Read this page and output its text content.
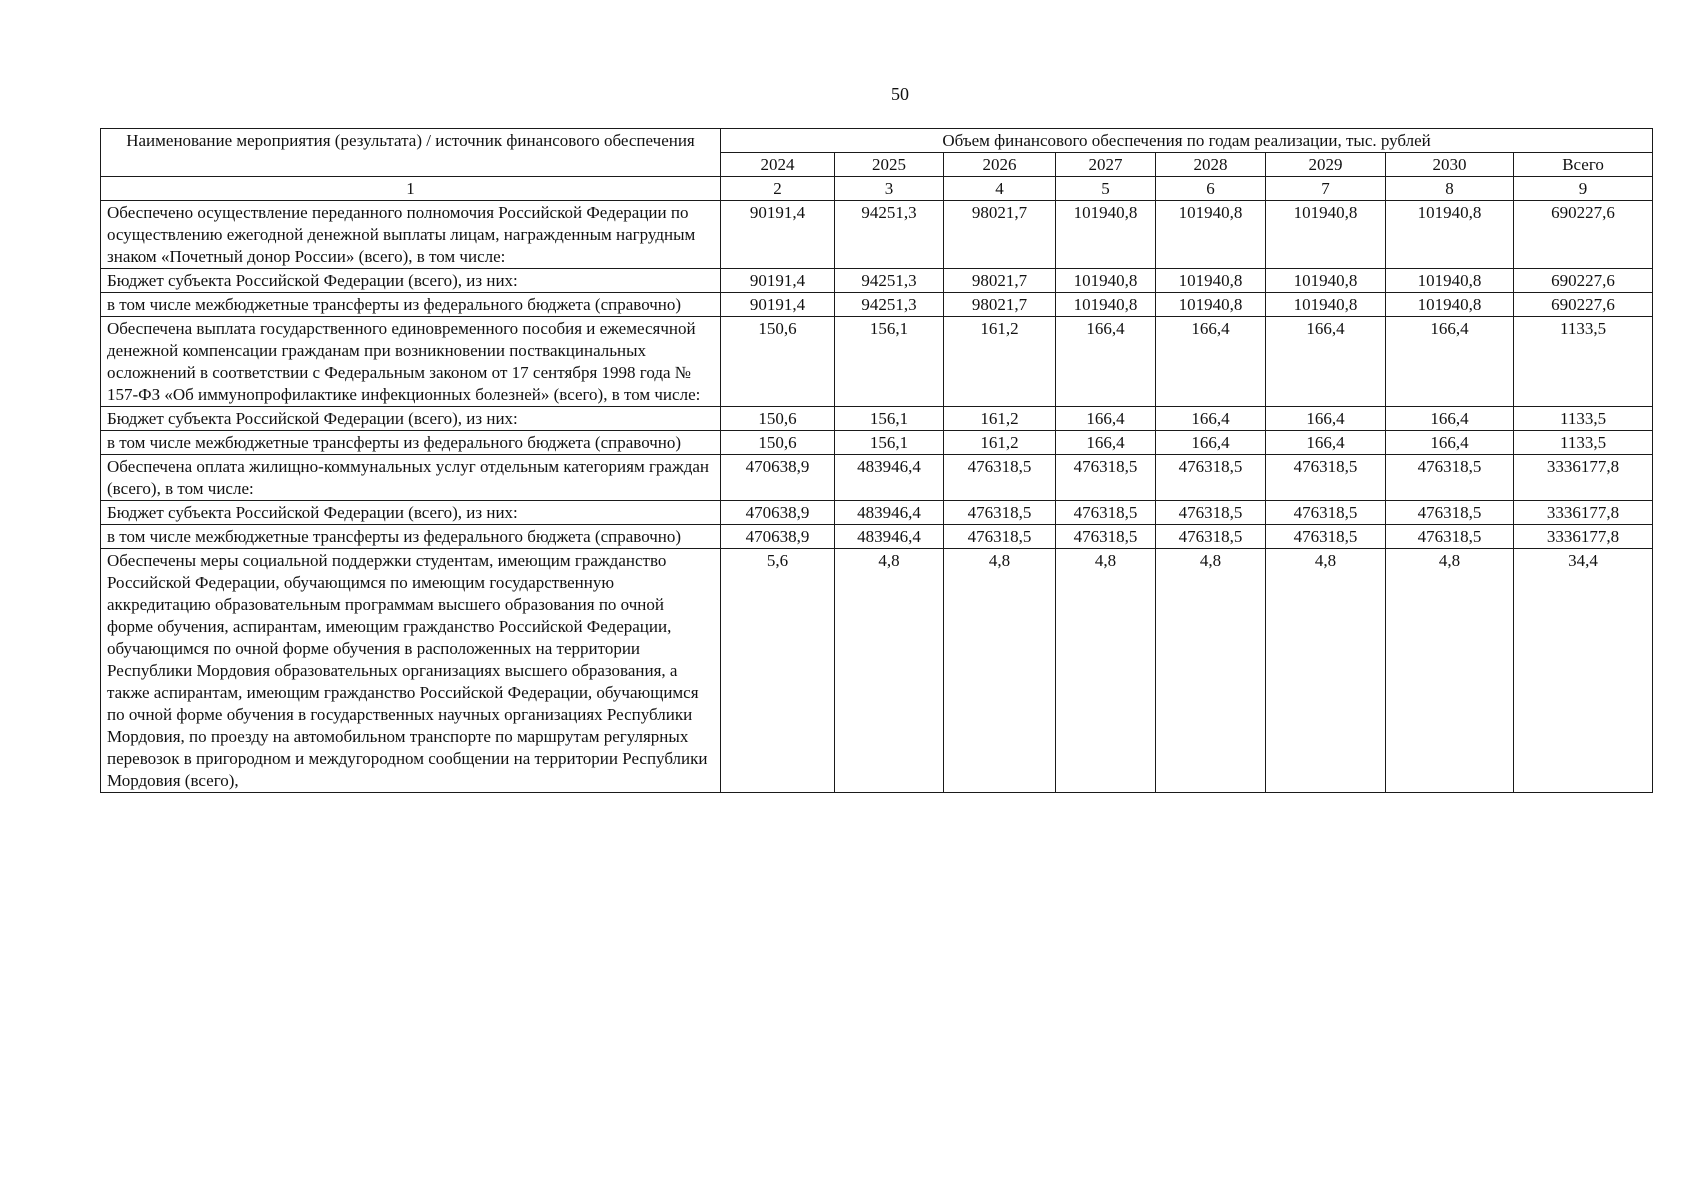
50
Наименование мероприятия (результата) / источник финансового обеспечения	Объем финансового обеспечения по годам реализации, тыс. рублей							
	2024	2025	2026	2027	2028	2029	2030	Всего
1	2	3	4	5	6	7	8	9
Обеспечено осуществление переданного полномочия Российской Федерации по осуществлению ежегодной денежной выплаты лицам, награжденным нагрудным знаком «Почетный донор России» (всего), в том числе:	90191,4	94251,3	98021,7	101940,8	101940,8	101940,8	101940,8	690227,6
Бюджет субъекта Российской Федерации (всего), из них:	90191,4	94251,3	98021,7	101940,8	101940,8	101940,8	101940,8	690227,6
в том числе межбюджетные трансферты из федерального бюджета (справочно)	90191,4	94251,3	98021,7	101940,8	101940,8	101940,8	101940,8	690227,6
Обеспечена выплата государственного единовременного пособия и ежемесячной денежной компенсации гражданам при возникновении поствакцинальных осложнений в соответствии с Федеральным законом от 17 сентября 1998 года № 157-ФЗ «Об иммунопрофилактике инфекционных болезней» (всего), в том числе:	150,6	156,1	161,2	166,4	166,4	166,4	166,4	1133,5
Бюджет субъекта Российской Федерации (всего), из них:	150,6	156,1	161,2	166,4	166,4	166,4	166,4	1133,5
в том числе межбюджетные трансферты из федерального бюджета (справочно)	150,6	156,1	161,2	166,4	166,4	166,4	166,4	1133,5
Обеспечена оплата жилищно-коммунальных услуг отдельным категориям граждан (всего), в том числе:	470638,9	483946,4	476318,5	476318,5	476318,5	476318,5	476318,5	3336177,8
Бюджет субъекта Российской Федерации (всего), из них:	470638,9	483946,4	476318,5	476318,5	476318,5	476318,5	476318,5	3336177,8
в том числе межбюджетные трансферты из федерального бюджета (справочно)	470638,9	483946,4	476318,5	476318,5	476318,5	476318,5	476318,5	3336177,8
Обеспечены меры социальной поддержки студентам, имеющим гражданство Российской Федерации, обучающимся по имеющим государственную аккредитацию образовательным программам высшего образования по очной форме обучения, аспирантам, имеющим гражданство Российской Федерации, обучающимся по очной форме обучения в расположенных на территории Республики Мордовия образовательных организациях высшего образования, а также аспирантам, имеющим гражданство Российской Федерации, обучающимся по очной форме обучения в государственных научных организациях Республики Мордовия, по проезду на автомобильном транспорте по маршрутам регулярных перевозок в пригородном и междугородном сообщении на территории Республики Мордовия (всего),	5,6	4,8	4,8	4,8	4,8	4,8	4,8	34,4
